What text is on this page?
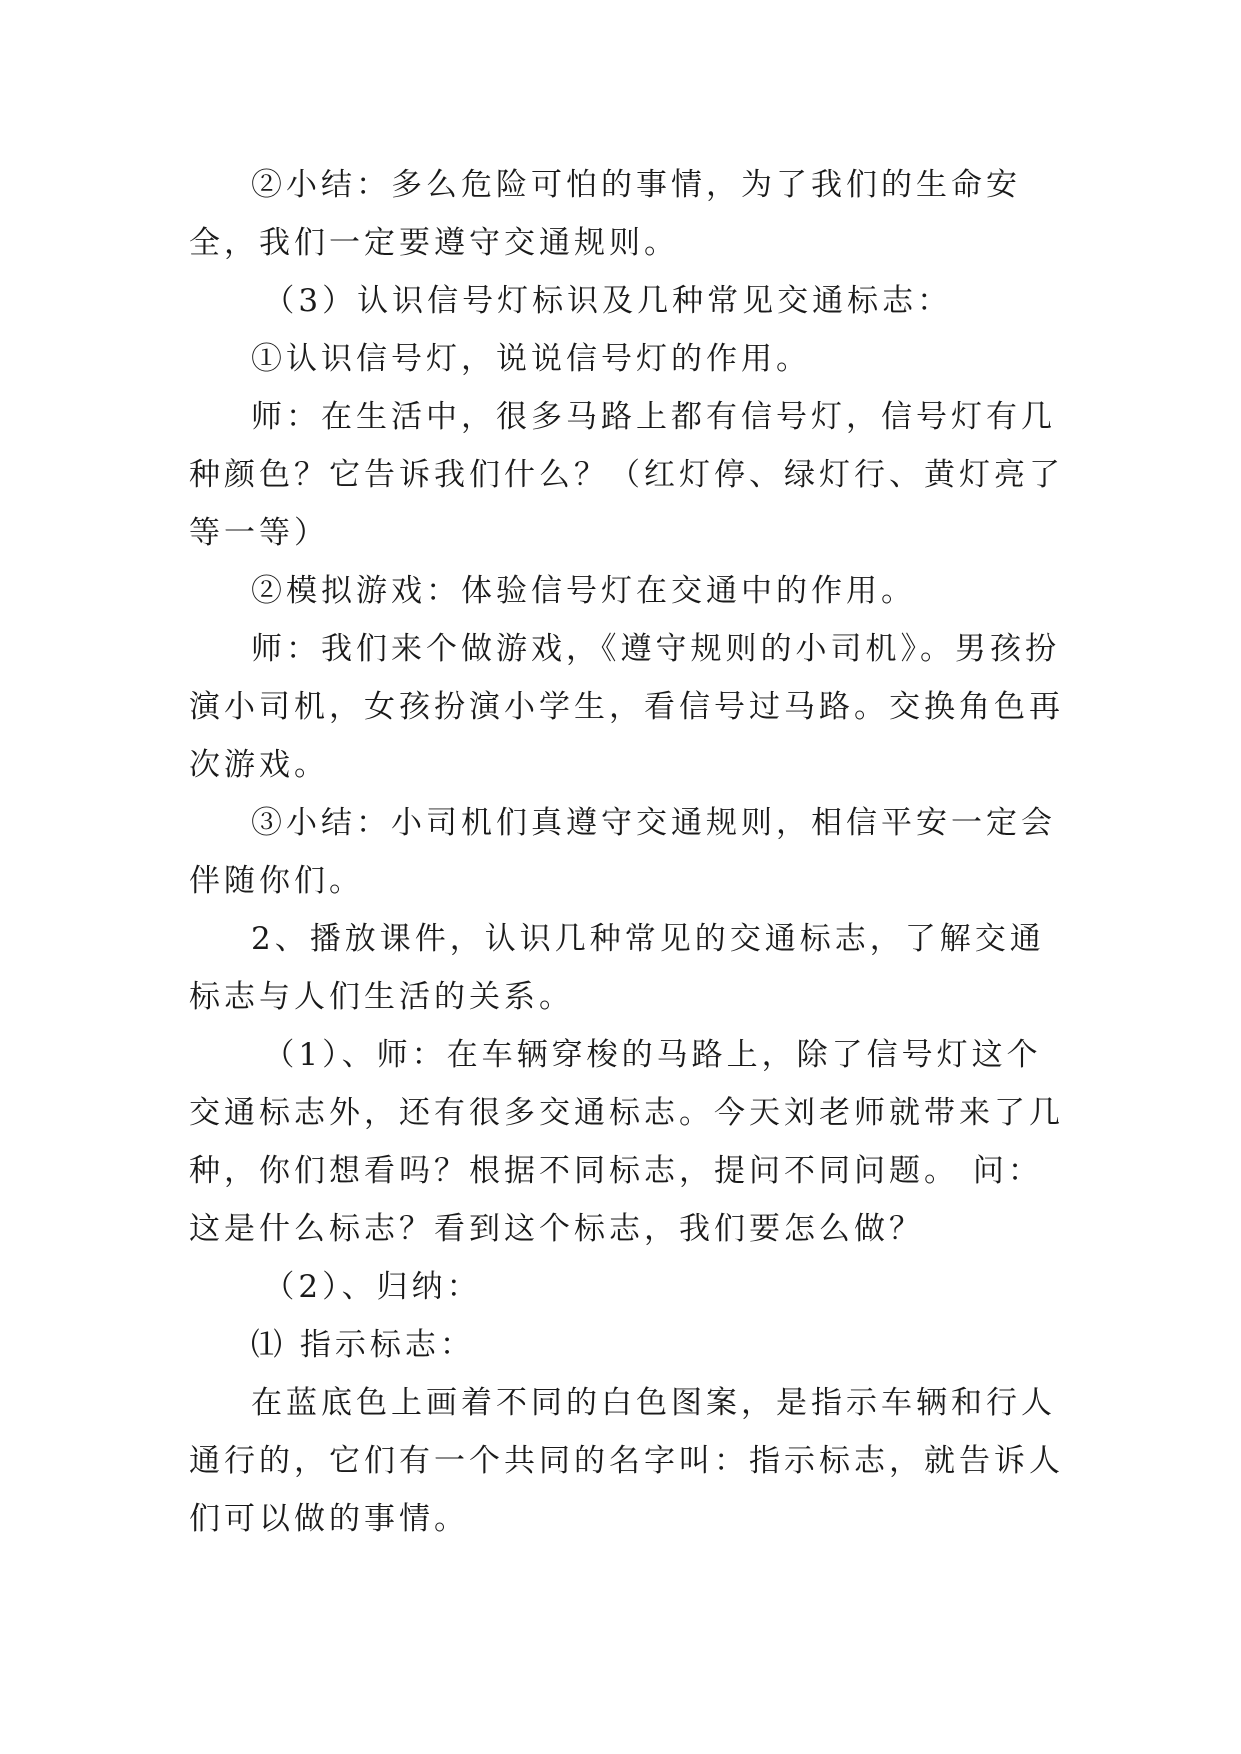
②小结：多么危险可怕的事情，为了我们的生命安全，我们一定要遵守交通规则。

（3）认识信号灯标识及几种常见交通标志：

①认识信号灯，说说信号灯的作用。

师：在生活中，很多马路上都有信号灯，信号灯有几种颜色？它告诉我们什么？（红灯停、绿灯行、黄灯亮了等一等）

②模拟游戏：体验信号灯在交通中的作用。

师：我们来个做游戏，《遵守规则的小司机》。男孩扮演小司机，女孩扮演小学生，看信号过马路。交换角色再次游戏。

③小结：小司机们真遵守交通规则，相信平安一定会伴随你们。

2、播放课件，认识几种常见的交通标志，了解交通标志与人们生活的关系。

（1）、师：在车辆穿梭的马路上，除了信号灯这个交通标志外，还有很多交通标志。今天刘老师就带来了几种，你们想看吗？根据不同标志，提问不同问题。 问：这是什么标志？看到这个标志，我们要怎么做？

（2）、归纳：

⑴ 指示标志：

在蓝底色上画着不同的白色图案，是指示车辆和行人通行的，它们有一个共同的名字叫：指示标志，就告诉人们可以做的事情。
